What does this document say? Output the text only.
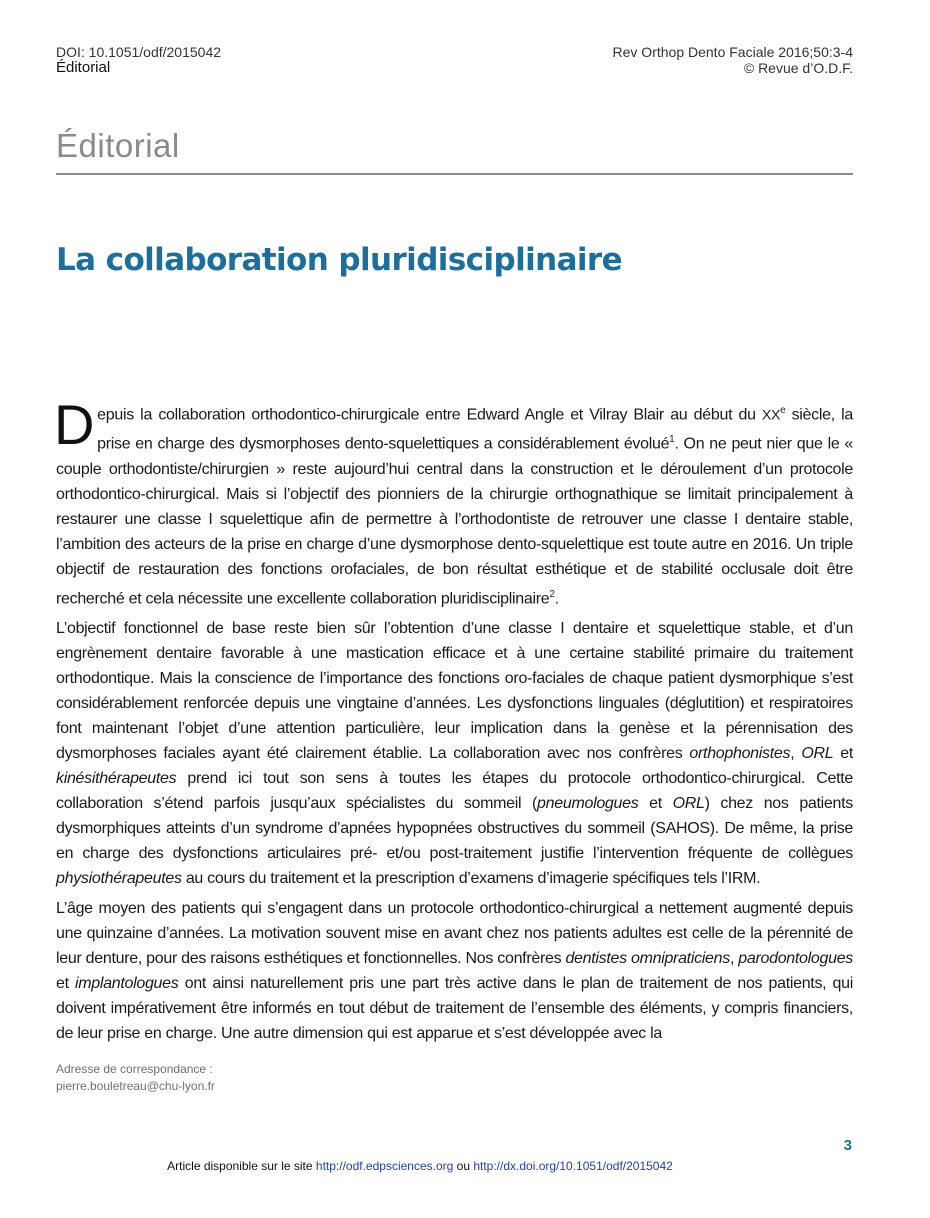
DOI: 10.1051/odf/2015042
Éditorial
Rev Orthop Dento Faciale 2016;50:3-4
© Revue d’O.D.F.
Éditorial
La collaboration pluridisciplinaire

Depuis la collaboration orthodontico-chirurgicale entre Edward Angle et Vilray Blair au début du XXe siècle, la prise en charge des dysmorphoses dento-squelettiques a considérablement évolué$^1$. On ne peut nier que le « couple orthodontiste/chirurgien » reste aujourd’hui central dans la construction et le déroulement d’un protocole orthodontico-chirurgical. Mais si l’objectif des pionniers de la chirurgie orthognathique se limitait principalement à restaurer une classe I squelettique afin de permettre à l’orthodontiste de retrouver une classe I dentaire stable, l’ambition des acteurs de la prise en charge d’une dysmorphose dento-squelettique est toute autre en 2016. Un triple objectif de restauration des fonctions orofaciales, de bon résultat esthétique et de stabilité occlusale doit être recherché et cela nécessite une excellente collaboration pluridisciplinaire$^2$.

L’objectif fonctionnel de base reste bien sûr l’obtention d’une classe I dentaire et squelettique stable, et d’un engrènement dentaire favorable à une mastication efficace et à une certaine stabilité primaire du traitement orthodontique. Mais la conscience de l’importance des fonctions oro-faciales de chaque patient dysmorphique s’est considérablement renforcée depuis une vingtaine d’années. Les dysfonctions linguales (déglutition) et respiratoires font maintenant l’objet d’une attention particulière, leur implication dans la genèse et la pérennisation des dysmorphoses faciales ayant été clairement établie. La collaboration avec nos confrères orthophonistes, ORL et kinésithérapeutes prend ici tout son sens à toutes les étapes du protocole orthodontico-chirurgical. Cette collaboration s’étend parfois jusqu’aux spécialistes du sommeil (pneumologues et ORL) chez nos patients dysmorphiques atteints d’un syndrome d’apnées hypopnées obstructives du sommeil (SAHOS). De même, la prise en charge des dysfonctions articulaires pré- et/ou post-traitement justifie l’intervention fréquente de collègues physiothérapeutes au cours du traitement et la prescription d’examens d’imagerie spécifiques tels l’IRM.

L’âge moyen des patients qui s’engagent dans un protocole orthodontico-chirurgical a nettement augmenté depuis une quinzaine d’années. La motivation souvent mise en avant chez nos patients adultes est celle de la pérennité de leur denture, pour des raisons esthétiques et fonctionnelles. Nos confrères dentistes omnipraticiens, parodontologues et implantologues ont ainsi naturellement pris une part très active dans le plan de traitement de nos patients, qui doivent impérativement être informés en tout début de traitement de l’ensemble des éléments, y compris financiers, de leur prise en charge. Une autre dimension qui est apparue et s’est développée avec la

Adresse de correspondance :
pierre.bouletreau@chu-lyon.fr
3
Article disponible sur le site http://odf.edpsciences.org ou http://dx.doi.org/10.1051/odf/2015042
